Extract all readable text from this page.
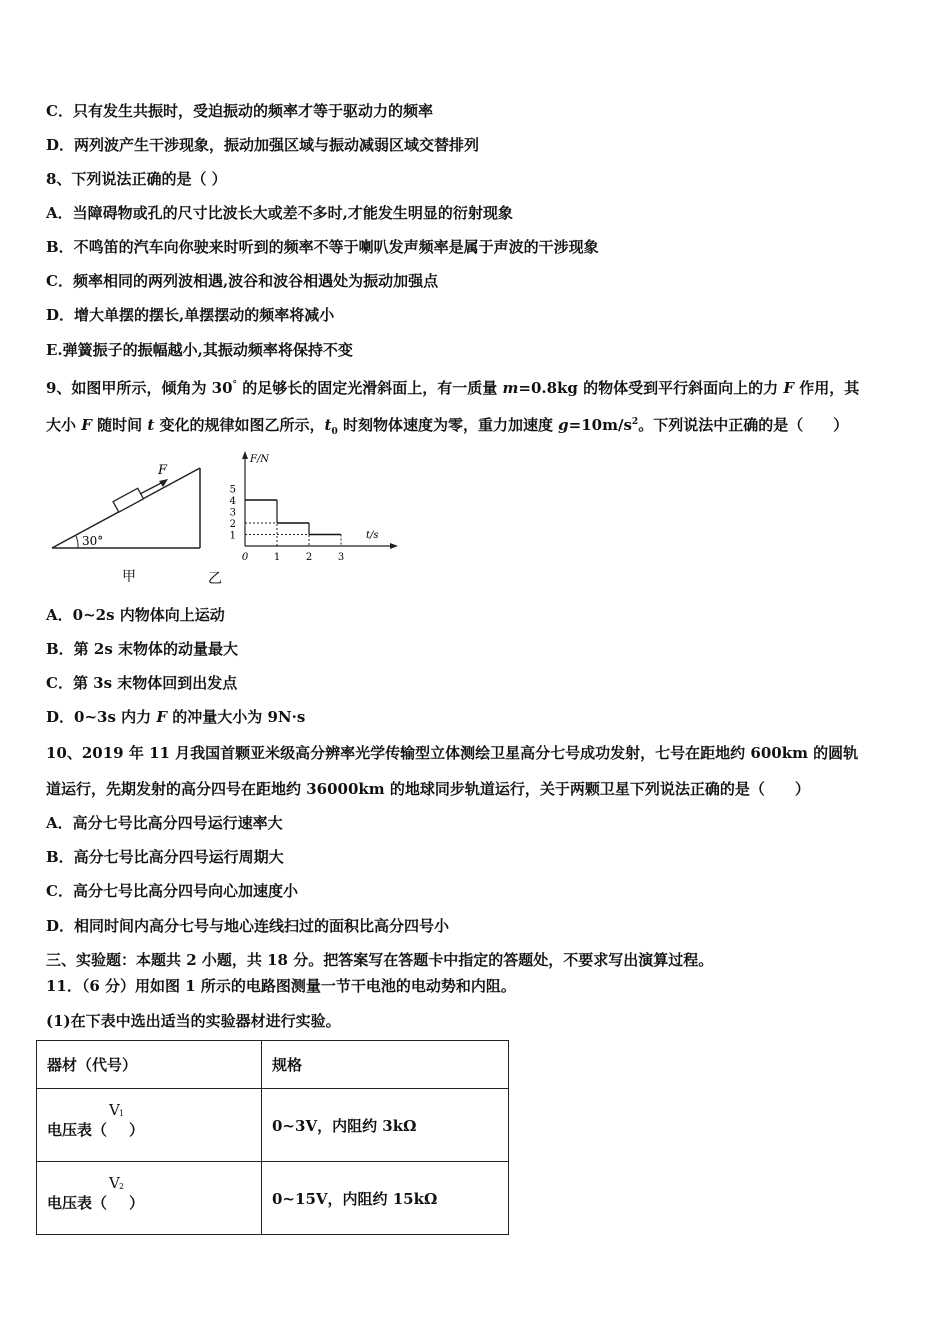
C．只有发生共振时，受迫振动的频率才等于驱动力的频率
D．两列波产生干涉现象，振动加强区域与振动减弱区域交替排列
8、下列说法正确的是（ ）
A．当障碍物或孔的尺寸比波长大或差不多时,才能发生明显的衍射现象
B．不鸣笛的汽车向你驶来时听到的频率不等于喇叭发声频率是属于声波的干涉现象
C．频率相同的两列波相遇,波谷和波谷相遇处为振动加强点
D．增大单摆的摆长,单摆摆动的频率将减小
E.弹簧振子的振幅越小,其振动频率将保持不变
9、如图甲所示，倾角为 30° 的足够长的固定光滑斜面上，有一质量 m=0.8kg 的物体受到平行斜面向上的力 F 作用，其
大小 F 随时间 t 变化的规律如图乙所示，$t_0$ 时刻物体速度为零，重力加速度 $g=10m/s^2$。下列说法中正确的是（　　）
F
30°
甲
F/N
t/s
乙
5
4
3
2
1
0	1	2	3
A．0~2s 内物体向上运动
B．第 2s 末物体的动量最大
C．第 3s 末物体回到出发点
D．0~3s 内力 F 的冲量大小为 9N·s
10、2019 年 11 月我国首颗亚米级高分辨率光学传输型立体测绘卫星高分七号成功发射，七号在距地约 600km 的圆轨
道运行，先期发射的高分四号在距地约 36000km 的地球同步轨道运行，关于两颗卫星下列说法正确的是（　　）
A．高分七号比高分四号运行速率大
B．高分七号比高分四号运行周期大
C．高分七号比高分四号向心加速度小
D．相同时间内高分七号与地心连线扫过的面积比高分四号小
三、实验题：本题共 2 小题，共 18 分。把答案写在答题卡中指定的答题处，不要求写出演算过程。
11．（6 分）用如图 1 所示的电路图测量一节干电池的电动势和内阻。
(1)在下表中选出适当的实验器材进行实验。
器材（代号）	规格
电压表（
V 1
）	0~3V，内阻约 3kΩ
电压表（
V 2
）	0~15V，内阻约 15kΩ
